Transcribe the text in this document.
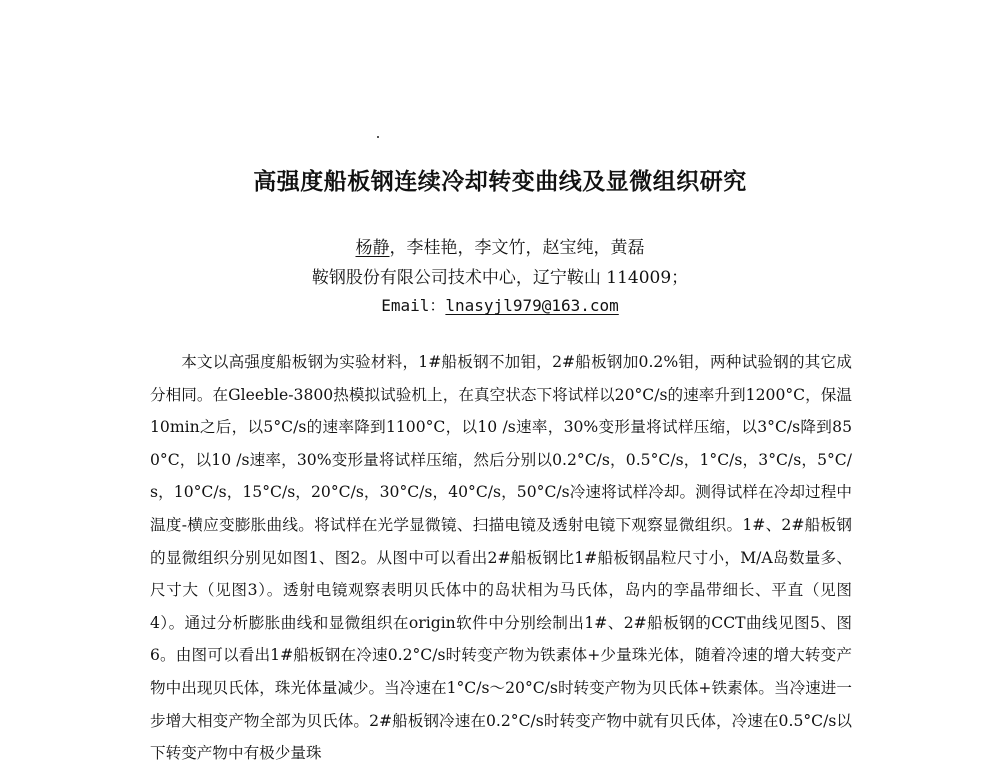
高强度船板钢连续冷却转变曲线及显微组织研究
杨静，李桂艳，李文竹，赵宝纯，黄磊
鞍钢股份有限公司技术中心，辽宁鞍山 114009；
Email：lnasyjl979@163.com

本文以高强度船板钢为实验材料，1#船板钢不加钼，2#船板钢加0.2%钼，两种试验钢的其它成分相同。在Gleeble-3800热模拟试验机上，在真空状态下将试样以20°C/s的速率升到1200°C，保温10min之后，以5°C/s的速率降到1100°C，以10 /s速率，30%变形量将试样压缩，以3°C/s降到850°C，以10 /s速率，30%变形量将试样压缩，然后分别以0.2°C/s，0.5°C/s，1°C/s，3°C/s，5°C/s，10°C/s，15°C/s，20°C/s，30°C/s，40°C/s，50°C/s冷速将试样冷却。测得试样在冷却过程中温度-横应变膨胀曲线。将试样在光学显微镜、扫描电镜及透射电镜下观察显微组织。1#、2#船板钢的显微组织分别见如图1、图2。从图中可以看出2#船板钢比1#船板钢晶粒尺寸小，M/A岛数量多、尺寸大（见图3）。透射电镜观察表明贝氏体中的岛状相为马氏体，岛内的孪晶带细长、平直（见图4）。通过分析膨胀曲线和显微组织在origin软件中分别绘制出1#、2#船板钢的CCT曲线见图5、图6。由图可以看出1#船板钢在冷速0.2°C/s时转变产物为铁素体+少量珠光体，随着冷速的增大转变产物中出现贝氏体，珠光体量减少。当冷速在1°C/s～20°C/s时转变产物为贝氏体+铁素体。当冷速进一步增大相变产物全部为贝氏体。2#船板钢冷速在0.2°C/s时转变产物中就有贝氏体，冷速在0.5°C/s以下转变产物中有极少量珠
